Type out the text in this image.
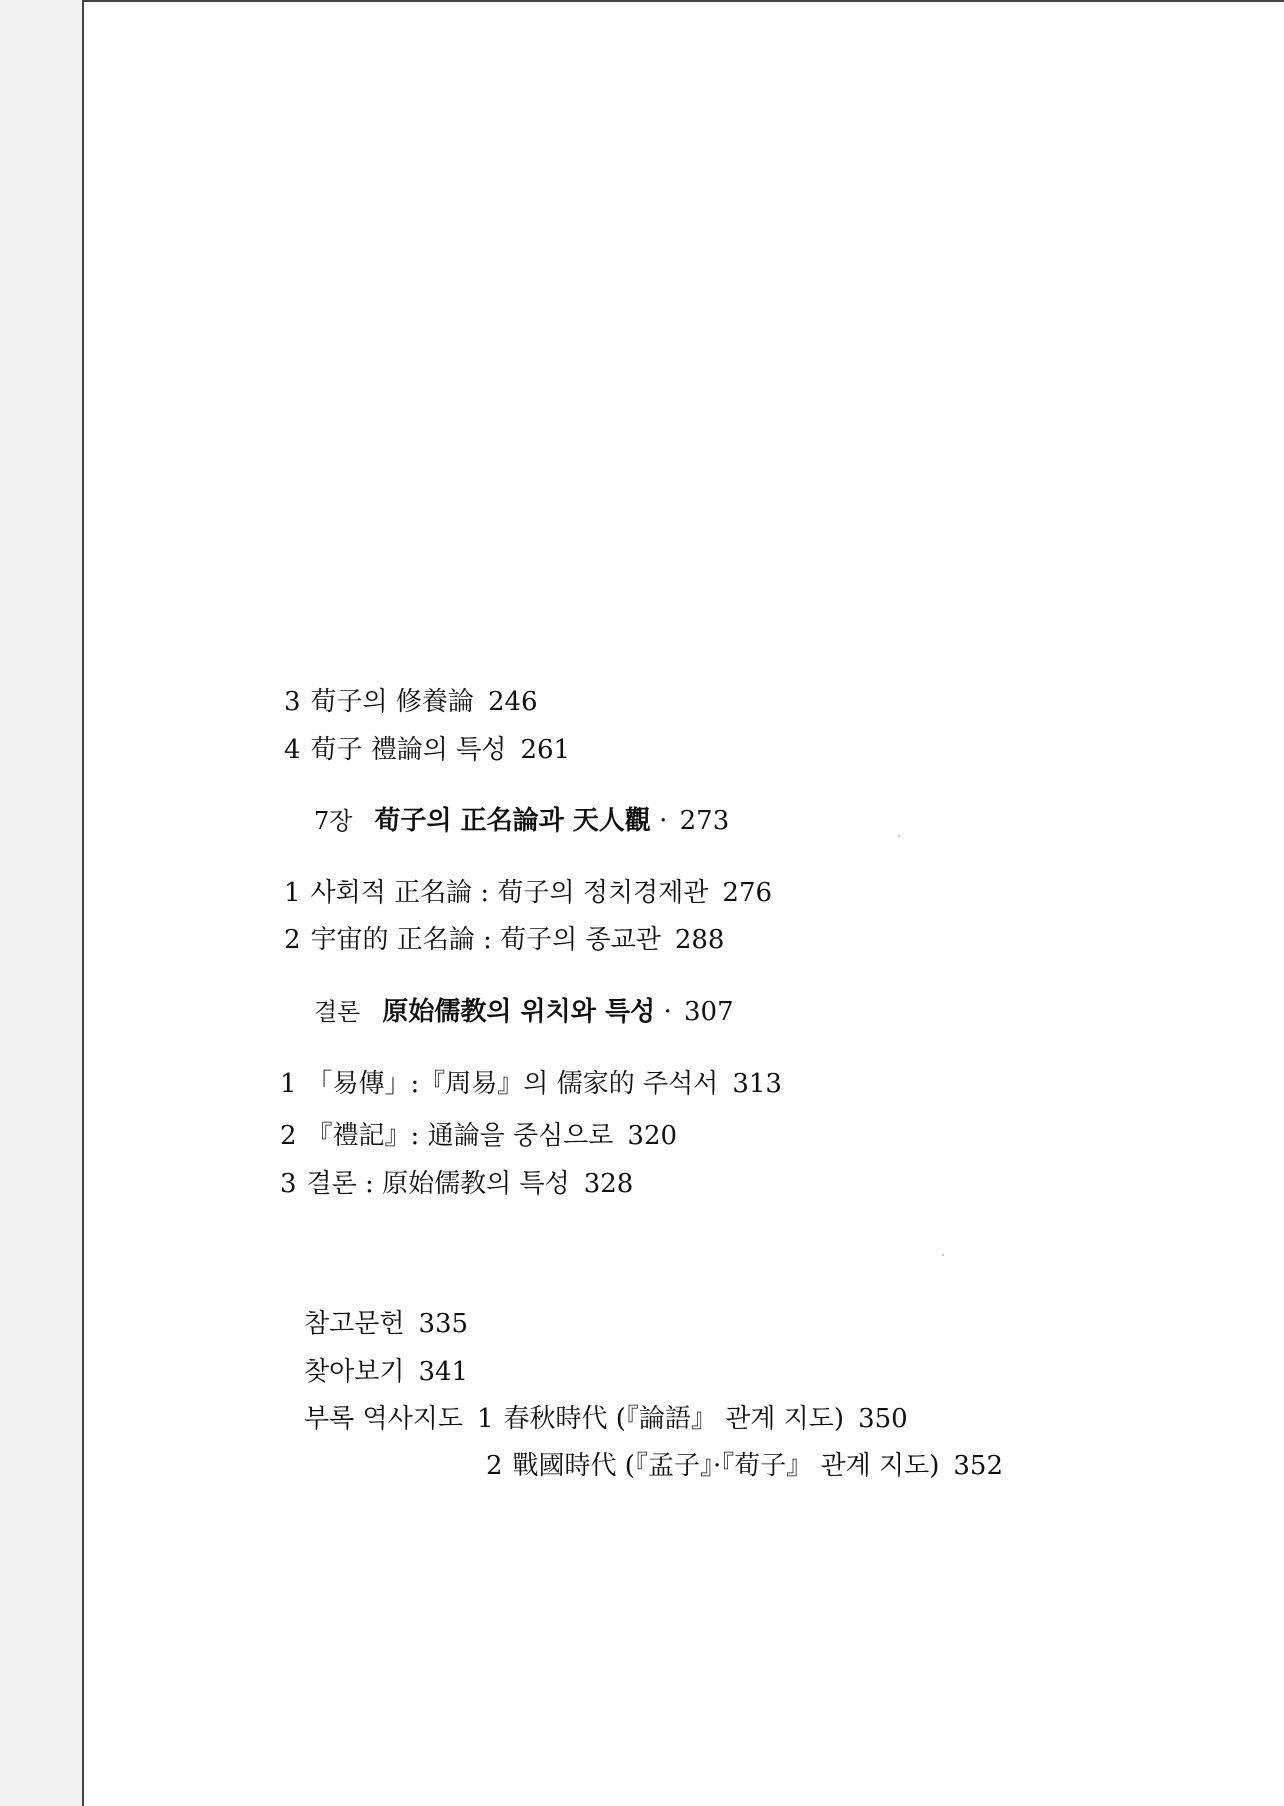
3 荀子의 修養論 246
4 荀子 禮論의 특성 261
7장 荀子의 正名論과 天人觀 · 273
1 사회적 正名論 : 荀子의 정치경제관 276
2 宇宙的 正名論 : 荀子의 종교관 288
결론 原始儒教의 위치와 특성 · 307
1 「易傳」:『周易』의 儒家的 주석서 313
2 『禮記』: 通論을 중심으로 320
3 결론 : 原始儒教의 특성 328
참고문헌 335
찾아보기 341
부록 역사지도 1 春秋時代 (『論語』 관계 지도) 350
2 戰國時代 (『孟子』·『荀子』 관계 지도) 352
